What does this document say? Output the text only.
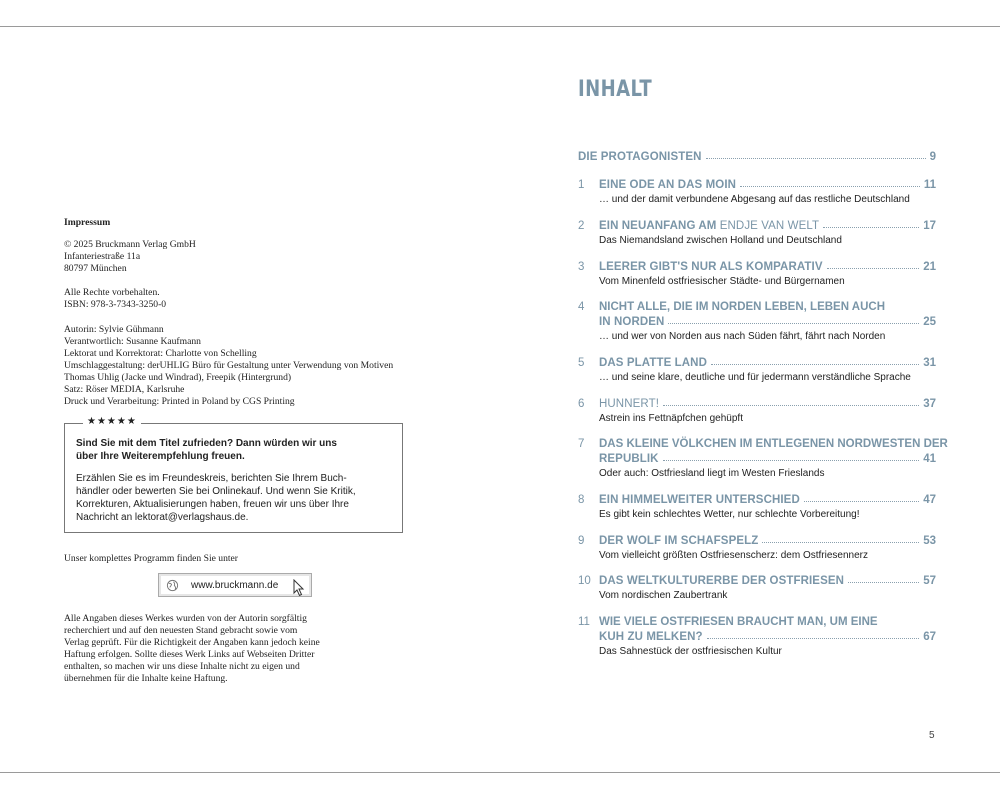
Impressum
© 2025 Bruckmann Verlag GmbH
Infanteriestraße 11a
80797 München
Alle Rechte vorbehalten.
ISBN: 978-3-7343-3250-0
Autorin: Sylvie Gühmann
Verantwortlich: Susanne Kaufmann
Lektorat und Korrektorat: Charlotte von Schelling
Umschlaggestaltung: derUHLIG Büro für Gestaltung unter Verwendung von Motiven
Thomas Uhlig (Jacke und Windrad), Freepik (Hintergrund)
Satz: Röser MEDIA, Karlsruhe
Druck und Verarbeitung: Printed in Poland by CGS Printing
★★★★★
Sind Sie mit dem Titel zufrieden? Dann würden wir uns
über Ihre Weiterempfehlung freuen.
Erzählen Sie es im Freundeskreis, berichten Sie Ihrem Buch-
händler oder bewerten Sie bei Onlinekauf. Und wenn Sie Kritik,
Korrekturen, Aktualisierungen haben, freuen wir uns über Ihre
Nachricht an lektorat@verlagshaus.de.
Unser komplettes Programm finden Sie unter
www.bruckmann.de
Alle Angaben dieses Werkes wurden von der Autorin sorgfältig
recherchiert und auf den neuesten Stand gebracht sowie vom
Verlag geprüft. Für die Richtigkeit der Angaben kann jedoch keine
Haftung erfolgen. Sollte dieses Werk Links auf Webseiten Dritter
enthalten, so machen wir uns diese Inhalte nicht zu eigen und
übernehmen für die Inhalte keine Haftung.
INHALT
DIE PROTAGONISTEN	9
1 EINE ODE AN DAS MOIN	11
… und der damit verbundene Abgesang auf das restliche Deutschland
2 EIN NEUANFANG AM ENDJE VAN WELT	17
Das Niemandsland zwischen Holland und Deutschland
3 LEERER GIBT'S NUR ALS KOMPARATIV	21
Vom Minenfeld ostfriesischer Städte- und Bürgernamen
4 NICHT ALLE, DIE IM NORDEN LEBEN, LEBEN AUCH
IN NORDEN	25
… und wer von Norden aus nach Süden fährt, fährt nach Norden
5 DAS PLATTE LAND	31
… und seine klare, deutliche und für jedermann verständliche Sprache
6 HUNNERT!	37
Astrein ins Fettnäpfchen gehüpft
7 DAS KLEINE VÖLKCHEN IM ENTLEGENEN NORDWESTEN DER
REPUBLIK	41
Oder auch: Ostfriesland liegt im Westen Frieslands
8 EIN HIMMELWEITER UNTERSCHIED	47
Es gibt kein schlechtes Wetter, nur schlechte Vorbereitung!
9 DER WOLF IM SCHAFSPELZ	53
Vom vielleicht größten Ostfriesenscherz: dem Ostfriesennerz
10 DAS WELTKULTURERBE DER OSTFRIESEN	57
Vom nordischen Zaubertrank
11 WIE VIELE OSTFRIESEN BRAUCHT MAN, UM EINE
KUH ZU MELKEN?	67
Das Sahnestück der ostfriesischen Kultur
5
